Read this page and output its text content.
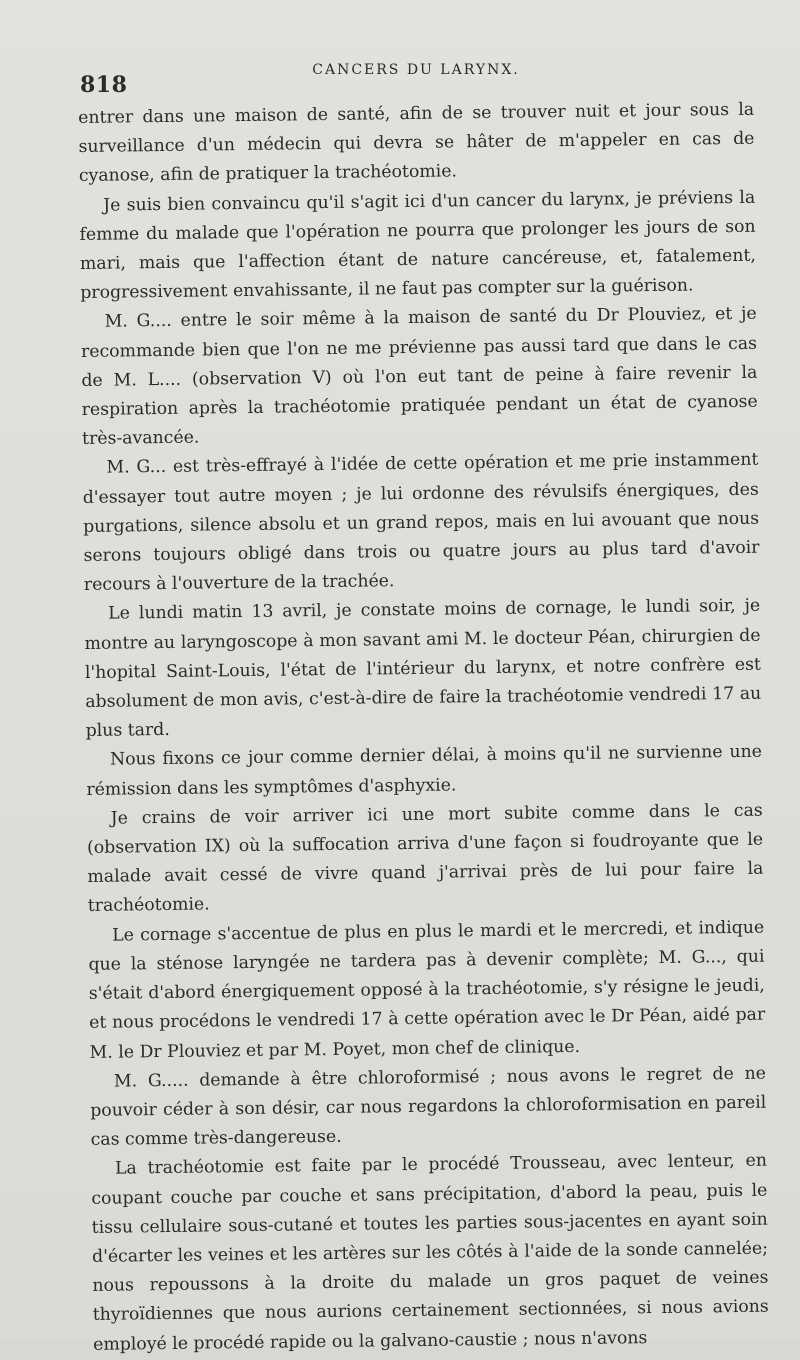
818
CANCERS DU LARYNX.

entrer dans une maison de santé, afin de se trouver nuit et jour sous la surveillance d'un médecin qui devra se hâter de m'appeler en cas de cyanose, afin de pratiquer la trachéotomie.

Je suis bien convaincu qu'il s'agit ici d'un cancer du larynx, je préviens la femme du malade que l'opération ne pourra que prolonger les jours de son mari, mais que l'affection étant de nature cancéreuse, et, fatalement, progressivement envahissante, il ne faut pas compter sur la guérison.

M. G.... entre le soir même à la maison de santé du Dr Plouviez, et je recommande bien que l'on ne me prévienne pas aussi tard que dans le cas de M. L.... (observation V) où l'on eut tant de peine à faire revenir la respiration après la trachéotomie pratiquée pendant un état de cyanose très-avancée.

M. G... est très-effrayé à l'idée de cette opération et me prie instamment d'essayer tout autre moyen ; je lui ordonne des révulsifs énergiques, des purgations, silence absolu et un grand repos, mais en lui avouant que nous serons toujours obligé dans trois ou quatre jours au plus tard d'avoir recours à l'ouverture de la trachée.

Le lundi matin 13 avril, je constate moins de cornage, le lundi soir, je montre au laryngoscope à mon savant ami M. le docteur Péan, chirurgien de l'hopital Saint-Louis, l'état de l'intérieur du larynx, et notre confrère est absolument de mon avis, c'est-à-dire de faire la trachéotomie vendredi 17 au plus tard.

Nous fixons ce jour comme dernier délai, à moins qu'il ne survienne une rémission dans les symptômes d'asphyxie.

Je crains de voir arriver ici une mort subite comme dans le cas (observation IX) où la suffocation arriva d'une façon si foudroyante que le malade avait cessé de vivre quand j'arrivai près de lui pour faire la trachéotomie.

Le cornage s'accentue de plus en plus le mardi et le mercredi, et indique que la sténose laryngée ne tardera pas à devenir complète; M. G..., qui s'était d'abord énergiquement opposé à la trachéotomie, s'y résigne le jeudi, et nous procédons le vendredi 17 à cette opération avec le Dr Péan, aidé par M. le Dr Plouviez et par M. Poyet, mon chef de clinique.

M. G..... demande à être chloroformisé ; nous avons le regret de ne pouvoir céder à son désir, car nous regardons la chloroformisation en pareil cas comme très-dangereuse.

La trachéotomie est faite par le procédé Trousseau, avec lenteur, en coupant couche par couche et sans précipitation, d'abord la peau, puis le tissu cellulaire sous-cutané et toutes les parties sous-jacentes en ayant soin d'écarter les veines et les artères sur les côtés à l'aide de la sonde cannelée; nous repoussons à la droite du malade un gros paquet de veines thyroïdiennes que nous aurions certainement sectionnées, si nous avions employé le procédé rapide ou la galvano-caustie ; nous n'avons
